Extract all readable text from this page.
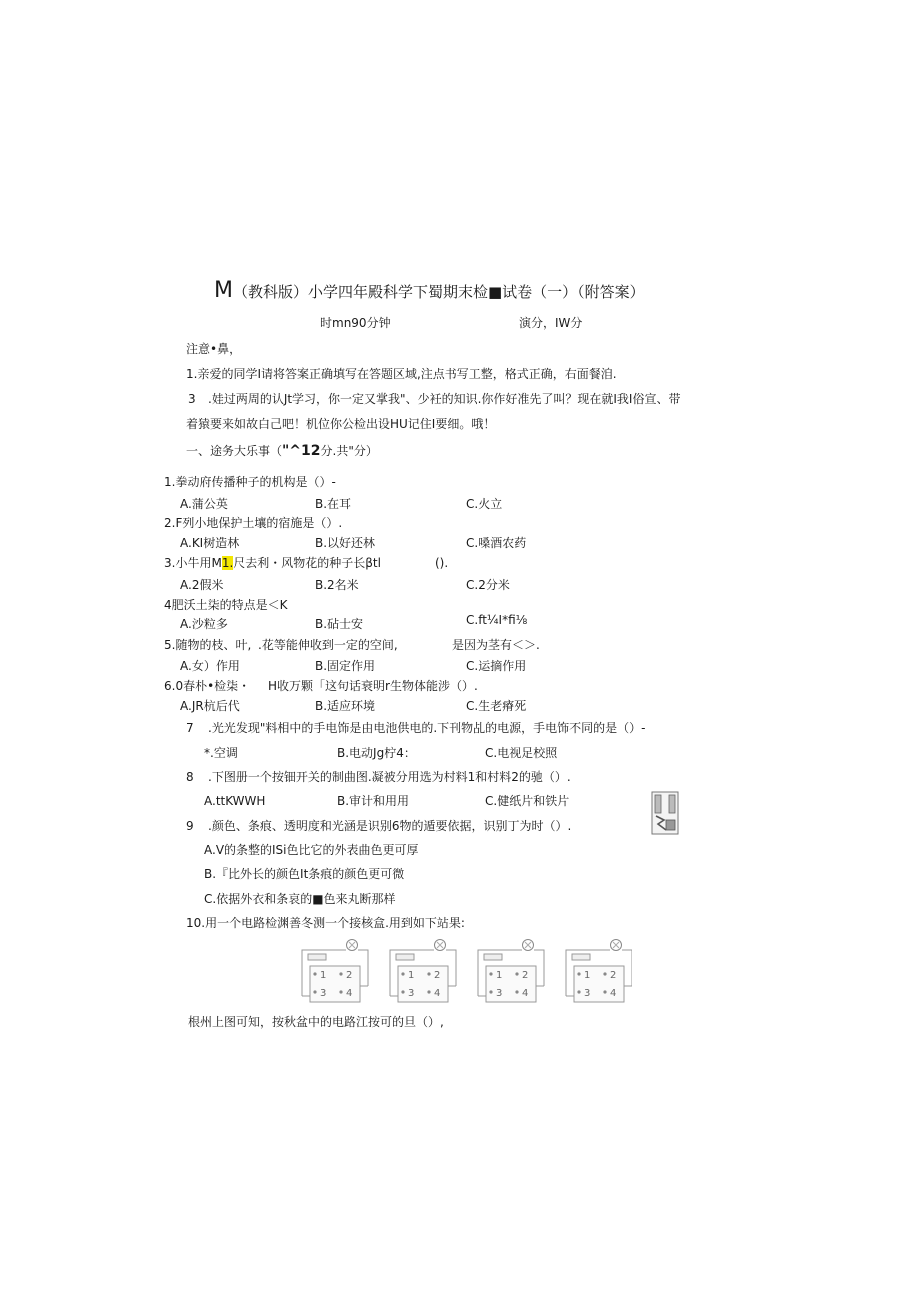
M（教科版）小学四年殿科学下蜀期末检■试卷（一）（附答案）
时mn90分钟	演分，IW分
注意•鼻，
1.亲爱的同学I请将答案正确填写在答题区域,注点书写工整，格式正确，右面餐洎.
3 .娃过两周的认Jt学习，你一定又掌我"、少衽的知识.你作好准先了叫？现在就I我I俗宣、带
着猿要来如故白己吧！机位你公检出设HU记住I要细。哦！
一、途务大乐事（"^12分.共"分）
1.拳动府传播种子的机构是（）-
A.蒲公英	B.在耳	C.火立
2.F列小地保护土壤的宿施是（）.
A.KI树造林	B.以好还林	C.嗓酒农药
3.小牛用M1.尺去利・风物花的种子长βtl	().
A.2假米	B.2名米	C.2分米
4肥沃土柒的特点是＜K
A.沙粒多	B.砧士安	C.ft¼I*fi⅛
5.随物的枝、叶, .花等能伸收到一定的空间,	是因为茎有＜＞.
A.女）作用	B.固定作用	C.运摘作用
6.0春朴•检柒・ H收万颗「这句话衰明r生物体能涉（）.
A.JR杭后代	B.适应环境	C.生老瘠死
7 .光光发现"料相中的手电饰是由电池供电的.下刊物乩的电源，手电饰不同的是（）-
*.空调	B.电动Jg柠4：	C.电视足校照
8 .下图册一个按钿开关的制曲图.凝被分用选为村料1和村料2的驰（）.
A.ttKWWH	B.审计和用用	C.健纸片和铁片
9 .颜色、条痕、透明度和光涵是识别6物的遁要依据，识别丁为时（）.
A.V的条整的ISi色比它的外表曲色更可厚
B.『比外长的颜色It条痕的颜色更可微
C.依据外衣和条哀的■色来丸断那样
10.用一个电路检渊善冬测一个接核盒.用到如下站果:
1 2
3 4
1 2
3 4
1 2
3 4
1 2
3 4
根州上图可知，按秋盆中的电路江按可的旦（）,
